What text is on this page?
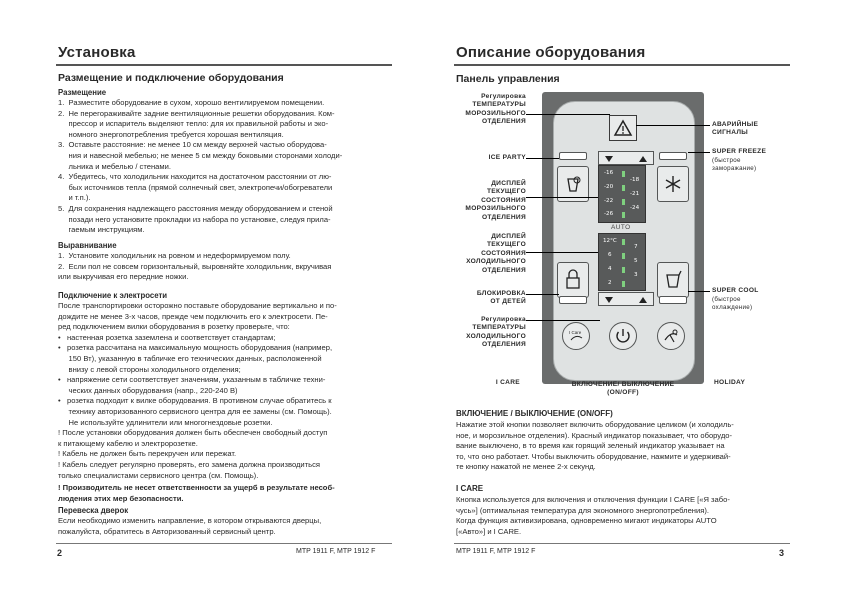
Установка
Размещение и подключение оборудования
Размещение
1.  Разместите оборудование в сухом, хорошо вентилируемом помещении.
2.  Не перегораживайте задние вентиляционные решетки оборудования. Ком-
прессор и испаритель выделяют тепло: для их правильной работы и эко-
номного энергопотребления требуется хорошая вентиляция.
3.  Оставьте расстояние: не менее 10 см между верхней частью оборудова-
ния и навесной мебелью; не менее 5 см между боковыми сторонами холоди-
льника и мебелью / стенами.
4.  Убедитесь, что холодильник находится на достаточном расстоянии от лю-
бых источников тепла (прямой солнечный свет, электропечи/обогреватели
и т.п.).
5.  Для сохранения надлежащего расстояния между оборудованием и стеной
позади него установите прокладки из набора по установке, следуя прила-
гаемым инструкциям.
Выравнивание
1.  Установите холодильник на ровном и недеформируемом полу.
2.  Если пол не совсем горизонтальный, выровняйте холодильник, вкручивая
или выкручивая его передние ножки.
Подключение к электросети
После транспортировки осторожно поставьте оборудование вертикально и по-
дождите не менее 3-х часов, прежде чем подключить его к электросети. Пе-
ред подключением вилки оборудования в розетку проверьте, что:
•   настенная розетка заземлена и соответствует стандартам;
•   розетка рассчитана на максимальную мощность оборудования (например,
150 Вт), указанную в табличке его технических данных, расположенной
внизу с левой стороны холодильного отделения;
•   напряжение сети соответствует значениям, указанным в табличке техни-
ческих данных оборудования (напр., 220-240 В)
•   розетка подходит к вилке оборудования. В противном случае обратитесь к
технику авторизованного сервисного центра для ее замены (см. Помощь).
Не используйте удлинители или многогнездовые розетки.
! После установки оборудования должен быть обеспечен свободный доступ
к питающему кабелю и электророзетке.
! Кабель не должен быть перекручен или пережат.
! Кабель следует регулярно проверять, его замена должна производиться
только специалистами сервисного центра (см. Помощь).
! Производитель не несет ответственности за ущерб в результате несоб-
людения этих мер безопасности.
Перевеска дверок
Если необходимо изменить направление, в котором открываются дверцы,
пожалуйста, обратитесь в Авторизованный сервисный центр.
2	MTP 1911 F, MTP 1912 F
Описание оборудования
Панель управления
-16
-20
-22
-26
-18
-21
-24
AUTO
12°C
6
4
2
7
5
3
I Care
Регулировка
ТЕМПЕРАТУРЫ
МОРОЗИЛЬНОГО
ОТДЕЛЕНИЯ
ICE PARTY
ДИСПЛЕЙ
ТЕКУЩЕГО
СОСТОЯНИЯ
МОРОЗИЛЬНОГО
ОТДЕЛЕНИЯ
ДИСПЛЕЙ
ТЕКУЩЕГО
СОСТОЯНИЯ
ХОЛОДИЛЬНОГО
ОТДЕЛЕНИЯ
БЛОКИРОВКА
ОТ ДЕТЕЙ
Регулировка
ТЕМПЕРАТУРЫ
ХОЛОДИЛЬНОГО
ОТДЕЛЕНИЯ
I CARE	ВКЛЮЧЕНИЕ/ ВЫКЛЮЧЕНИЕ
(ON/OFF)
АВАРИЙНЫЕ
СИГНАЛЫ
SUPER FREEZE
(быстрое
заморажание)
SUPER COOL
(быстрое
охлаждение)
HOLIDAY
ВКЛЮЧЕНИЕ / ВЫКЛЮЧЕНИЕ (ON/OFF)
Нажатие этой кнопки позволяет включить оборудование целиком (и холодиль-
ное, и морозильное отделения). Красный индикатор показывает, что оборудо-
вание выключено, в то время как горящий зеленый индикатор указывает на
то, что оно работает. Чтобы выключить оборудование, нажмите и удерживай-
те кнопку нажатой не менее 2-х секунд.
I CARE
Кнопка используется для включения и отключения функции I CARE [«Я забо-
чусь»] (оптимальная температура для экономного энергопотребления).
Когда функция активизирована, одновременно мигают индикаторы AUTO
[«Авто»] и I CARE.
MTP 1911 F, MTP 1912 F	3
